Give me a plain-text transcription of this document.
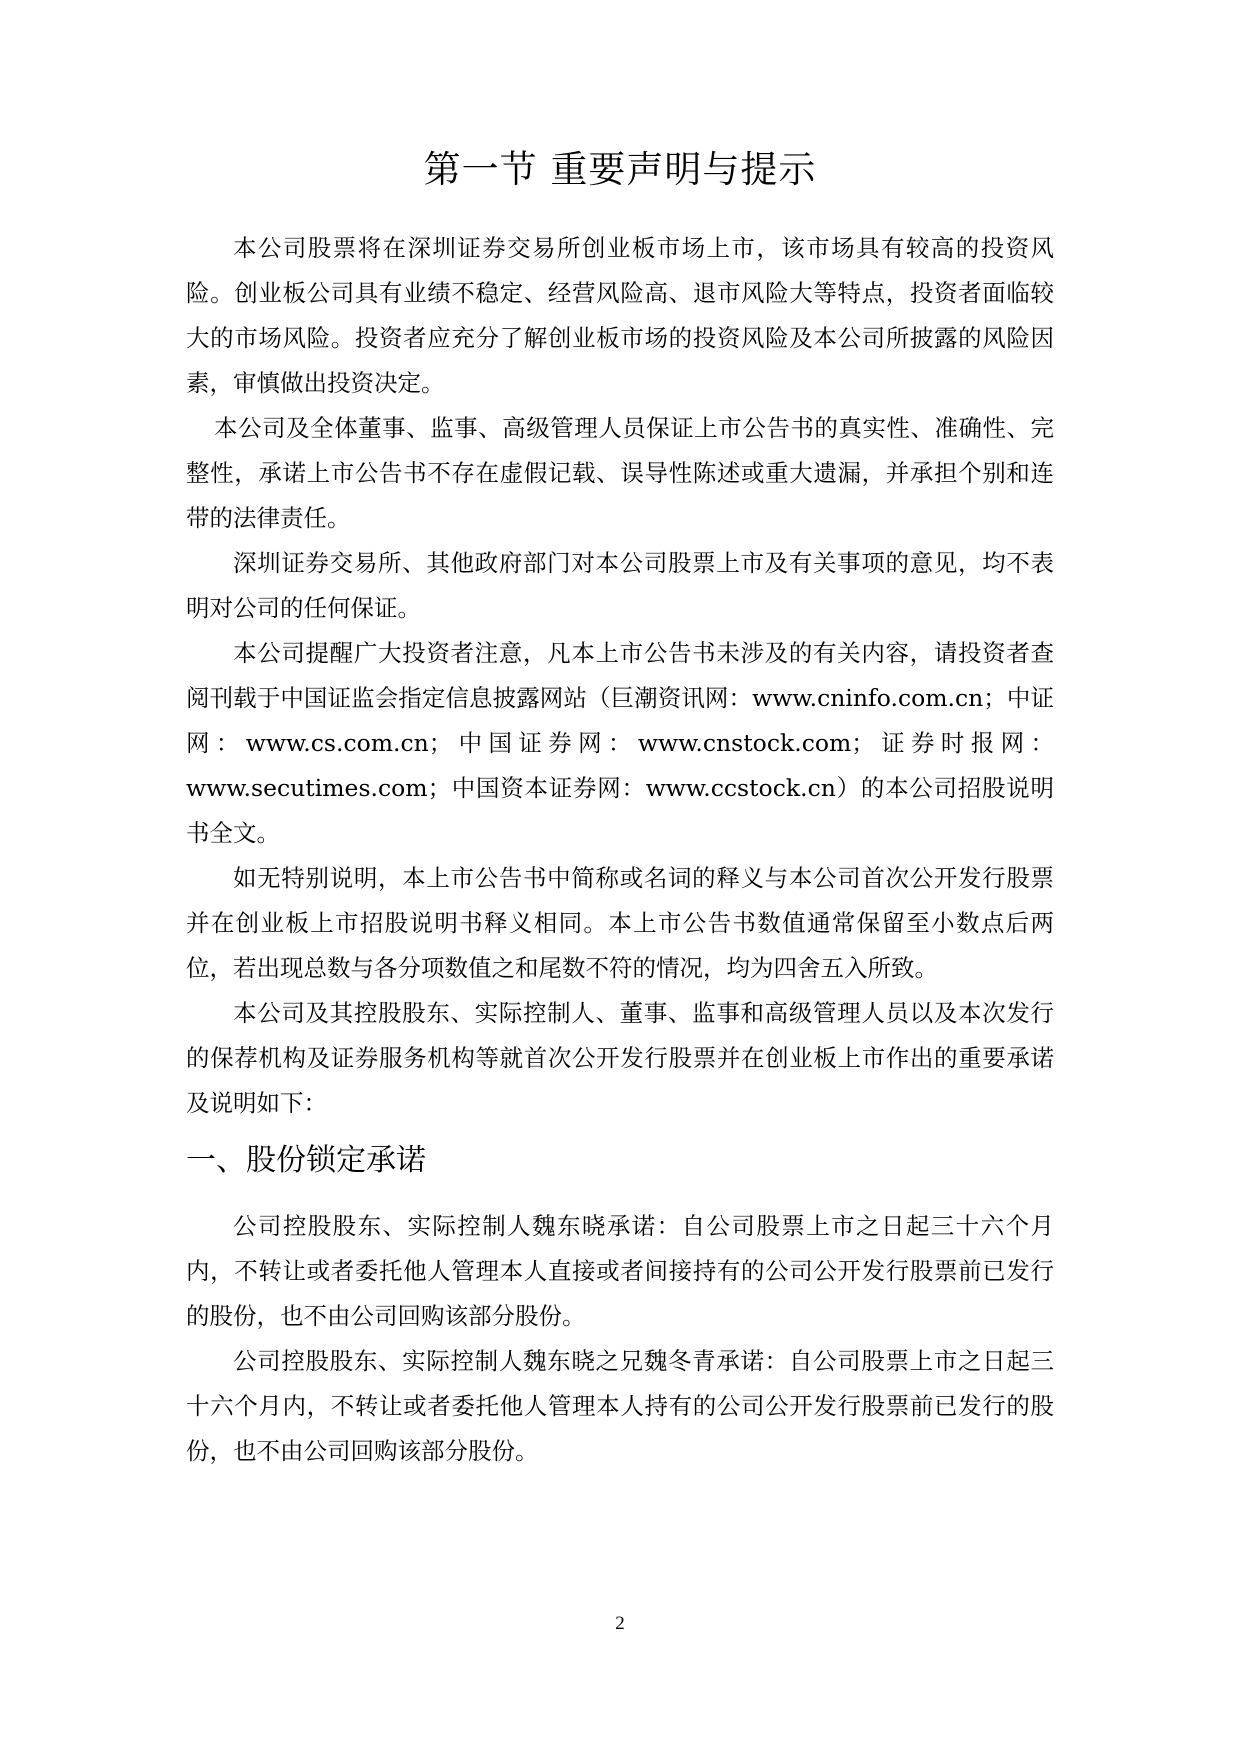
第一节 重要声明与提示

本公司股票将在深圳证券交易所创业板市场上市，该市场具有较高的投资风险。创业板公司具有业绩不稳定、经营风险高、退市风险大等特点，投资者面临较大的市场风险。投资者应充分了解创业板市场的投资风险及本公司所披露的风险因素，审慎做出投资决定。

本公司及全体董事、监事、高级管理人员保证上市公告书的真实性、准确性、完整性，承诺上市公告书不存在虚假记载、误导性陈述或重大遗漏，并承担个别和连带的法律责任。

深圳证券交易所、其他政府部门对本公司股票上市及有关事项的意见，均不表明对公司的任何保证。

本公司提醒广大投资者注意，凡本上市公告书未涉及的有关内容，请投资者查阅刊载于中国证监会指定信息披露网站（巨潮资讯网：www.cninfo.com.cn；中证网：www.cs.com.cn；中国证券网：www.cnstock.com；证券时报网：www.secutimes.com；中国资本证券网：www.ccstock.cn）的本公司招股说明书全文。

如无特别说明，本上市公告书中简称或名词的释义与本公司首次公开发行股票并在创业板上市招股说明书释义相同。本上市公告书数值通常保留至小数点后两位，若出现总数与各分项数值之和尾数不符的情况，均为四舍五入所致。

本公司及其控股股东、实际控制人、董事、监事和高级管理人员以及本次发行的保荐机构及证券服务机构等就首次公开发行股票并在创业板上市作出的重要承诺及说明如下：

一、股份锁定承诺

公司控股股东、实际控制人魏东晓承诺：自公司股票上市之日起三十六个月内，不转让或者委托他人管理本人直接或者间接持有的公司公开发行股票前已发行的股份，也不由公司回购该部分股份。

公司控股股东、实际控制人魏东晓之兄魏冬青承诺：自公司股票上市之日起三十六个月内，不转让或者委托他人管理本人持有的公司公开发行股票前已发行的股份，也不由公司回购该部分股份。

2
